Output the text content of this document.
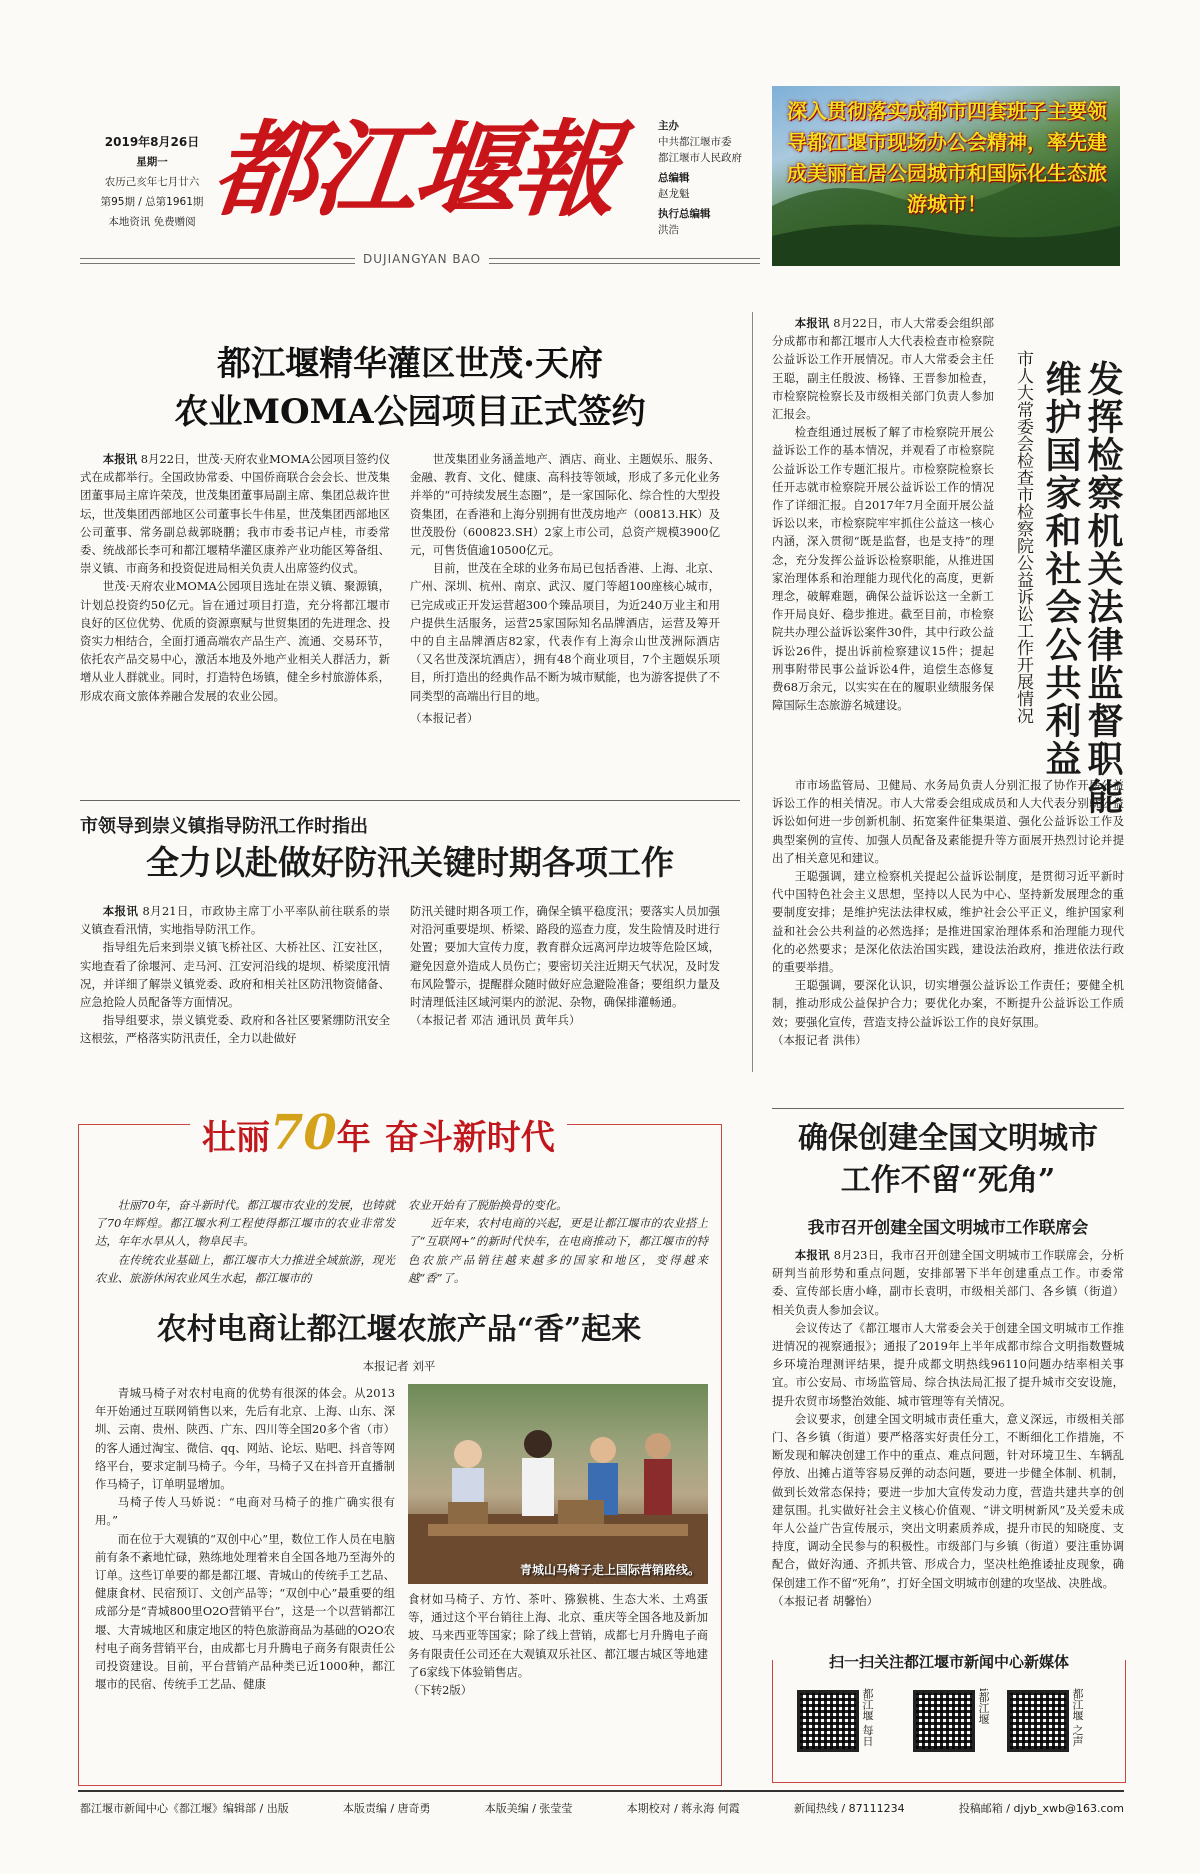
2019年8月26日
星期一
农历己亥年七月廿六
第95期 / 总第1961期
本地资讯 免费赠阅 都江堰報
DUJIANGYAN BAO
主办
中共都江堰市委
都江堰市人民政府
总编辑
赵龙魁
执行总编辑
洪浩
深入贯彻落实成都市四套班子主要领导都江堰市现场办公会精神，率先建成美丽宜居公园城市和国际化生态旅游城市！
都江堰精华灌区世茂·天府
农业MOMA公园项目正式签约

本报讯 8月22日，世茂·天府农业MOMA公园项目签约仪式在成都举行。全国政协常委、中国侨商联合会会长、世茂集团董事局主席许荣茂，世茂集团董事局副主席、集团总裁许世坛，世茂集团西部地区公司董事长牛伟星，世茂集团西部地区公司董事、常务副总裁郭晓鹏；我市市委书记卢桂，市委常委、统战部长李可和都江堰精华灌区康养产业功能区筹备组、崇义镇、市商务和投资促进局相关负责人出席签约仪式。

世茂·天府农业MOMA公园项目选址在崇义镇、聚源镇，计划总投资约50亿元。旨在通过项目打造，充分将都江堰市良好的区位优势、优质的资源禀赋与世贸集团的先进理念、投资实力相结合，全面打通高端农产品生产、流通、交易环节，依托农产品交易中心，激活本地及外地产业相关人群活力，新增从业人群就业。同时，打造特色场镇，健全乡村旅游体系，形成农商文旅体养融合发展的农业公园。

世茂集团业务涵盖地产、酒店、商业、主题娱乐、服务、金融、教育、文化、健康、高科技等领域，形成了多元化业务并举的“可持续发展生态圈”，是一家国际化、综合性的大型投资集团，在香港和上海分别拥有世茂房地产（00813.HK）及世茂股份（600823.SH）2家上市公司，总资产规模3900亿元，可售货值逾10500亿元。

目前，世茂在全球的业务布局已包括香港、上海、北京、广州、深圳、杭州、南京、武汉、厦门等超100座核心城市，已完成或正开发运营超300个臻品项目，为近240万业主和用户提供生活服务，运营25家国际知名品牌酒店，运营及筹开中的自主品牌酒店82家，代表作有上海佘山世茂洲际酒店（又名世茂深坑酒店），拥有48个商业项目，7个主题娱乐项目，所打造出的经典作品不断为城市赋能，也为游客提供了不同类型的高端出行目的地。

（本报记者）

市领导到崇义镇指导防汛工作时指出
全力以赴做好防汛关键时期各项工作

本报讯 8月21日，市政协主席丁小平率队前往联系的崇义镇查看汛情，实地指导防汛工作。

指导组先后来到崇义镇飞桥社区、大桥社区、江安社区，实地查看了徐堰河、走马河、江安河沿线的堤坝、桥梁度汛情况，并详细了解崇义镇党委、政府和相关社区防汛物资储备、应急抢险人员配备等方面情况。

指导组要求，崇义镇党委、政府和各社区要紧绷防汛安全这根弦，严格落实防汛责任，全力以赴做好

防汛关键时期各项工作，确保全镇平稳度汛；要落实人员加强对沿河重要堤坝、桥梁、路段的巡查力度，发生险情及时进行处置；要加大宣传力度，教育群众远离河岸边坡等危险区域，避免因意外造成人员伤亡；要密切关注近期天气状况，及时发布风险警示，提醒群众随时做好应急避险准备；要组织力量及时清理低洼区域河渠内的淤泥、杂物，确保排灌畅通。

（本报记者 邓洁 通讯员 黄年兵）

发挥检察机关法律监督职能 维护国家和社会公共利益
市人大常委会检查市检察院公益诉讼工作开展情况

本报讯 8月22日，市人大常委会组织部分成都市和都江堰市人大代表检查市检察院公益诉讼工作开展情况。市人大常委会主任王聪，副主任殷波、杨锋、王晋参加检查，市检察院检察长及市级相关部门负责人参加汇报会。

检查组通过展板了解了市检察院开展公益诉讼工作的基本情况，并观看了市检察院公益诉讼工作专题汇报片。市检察院检察长任开志就市检察院开展公益诉讼工作的情况作了详细汇报。自2017年7月全面开展公益诉讼以来，市检察院牢牢抓住公益这一核心内涵，深入贯彻“既是监督，也是支持”的理念，充分发挥公益诉讼检察职能，从推进国家治理体系和治理能力现代化的高度，更新理念，破解难题，确保公益诉讼这一全新工作开局良好、稳步推进。截至目前，市检察院共办理公益诉讼案件30件，其中行政公益诉讼26件，提出诉前检察建议15件；提起刑事附带民事公益诉讼4件，追偿生态修复费68万余元，以实实在在的履职业绩服务保障国际生态旅游名城建设。

市市场监管局、卫健局、水务局负责人分别汇报了协作开展公益诉讼工作的相关情况。市人大常委会组成成员和人大代表分别就公益诉讼如何进一步创新机制、拓宽案件征集渠道、强化公益诉讼工作及典型案例的宣传、加强人员配备及素能提升等方面展开热烈讨论并提出了相关意见和建议。

王聪强调，建立检察机关提起公益诉讼制度，是贯彻习近平新时代中国特色社会主义思想，坚持以人民为中心、坚持新发展理念的重要制度安排；是维护宪法法律权威，维护社会公平正义，维护国家利益和社会公共利益的必然选择；是推进国家治理体系和治理能力现代化的必然要求；是深化依法治国实践，建设法治政府，推进依法行政的重要举措。

王聪强调，要深化认识，切实增强公益诉讼工作责任；要健全机制，推动形成公益保护合力；要优化办案，不断提升公益诉讼工作质效；要强化宣传，营造支持公益诉讼工作的良好氛围。

（本报记者 洪伟）

壮丽70年 奋斗新时代

壮丽70年，奋斗新时代。都江堰市农业的发展，也铸就了70年辉煌。都江堰水利工程使得都江堰市的农业非常发达，年年水旱从人，物阜民丰。

在传统农业基础上，都江堰市大力推进全域旅游，现光农业、旅游休闲农业风生水起，都江堰市的

农业开始有了脱胎换骨的变化。

近年来，农村电商的兴起，更是让都江堰市的农业搭上了“互联网+”的新时代快车，在电商推动下，都江堰市的特色农旅产品销往越来越多的国家和地区，变得越来越“香”了。

农村电商让都江堰农旅产品“香”起来
本报记者 刘平

青城马椅子对农村电商的优势有很深的体会。从2013年开始通过互联网销售以来，先后有北京、上海、山东、深圳、云南、贵州、陕西、广东、四川等全国20多个省（市）的客人通过淘宝、微信、qq、网站、论坛、贴吧、抖音等网络平台，要求定制马椅子。今年，马椅子又在抖音开直播制作马椅子，订单明显增加。

马椅子传人马娇说：“电商对马椅子的推广确实很有用。”

而在位于大观镇的“双创中心”里，数位工作人员在电脑前有条不紊地忙碌，熟练地处理着来自全国各地乃至海外的订单。这些订单要的都是都江堰、青城山的传统手工艺品、健康食材、民宿预订、文创产品等；“双创中心”最重要的组成部分是“青城800里O2O营销平台”，这是一个以营销都江堰、大青城地区和康定地区的特色旅游商品为基础的O2O农村电子商务营销平台，由成都七月升腾电子商务有限责任公司投资建设。目前，平台营销产品种类已近1000种，都江堰市的民宿、传统手工艺品、健康

青城山马椅子走上国际营销路线。

食材如马椅子、方竹、茶叶、猕猴桃、生态大米、土鸡蛋等，通过这个平台销往上海、北京、重庆等全国各地及新加坡、马来西亚等国家；除了线上营销，成都七月升腾电子商务有限责任公司还在大观镇双乐社区、都江堰古城区等地建了6家线下体验销售店。

（下转2版）

确保创建全国文明城市
工作不留“死角”
我市召开创建全国文明城市工作联席会

本报讯 8月23日，我市召开创建全国文明城市工作联席会，分析研判当前形势和重点问题，安排部署下半年创建重点工作。市委常委、宣传部长唐小峰，副市长袁明，市级相关部门、各乡镇（街道）相关负责人参加会议。

会议传达了《都江堰市人大常委会关于创建全国文明城市工作推进情况的视察通报》；通报了2019年上半年成都市综合文明指数暨城乡环境治理测评结果，提升成都文明热线96110问题办结率相关事宜。市公安局、市场监管局、综合执法局汇报了提升城市交安设施，提升农贸市场整治效能、城市管理等有关情况。

会议要求，创建全国文明城市责任重大，意义深远，市级相关部门、各乡镇（街道）要严格落实好责任分工，不断细化工作措施，不断发现和解决创建工作中的重点、难点问题，针对环境卫生、车辆乱停放、出摊占道等容易反弹的动态问题，要进一步健全体制、机制，做到长效常态保持；要进一步加大宣传发动力度，营造共建共享的创建氛围。扎实做好社会主义核心价值观、“讲文明树新风”及关爱未成年人公益广告宣传展示，突出文明素质养成，提升市民的知晓度、支持度，调动全民参与的积极性。市级部门与乡镇（街道）要注重协调配合，做好沟通、齐抓共管、形成合力，坚决杜绝推诿扯皮现象，确保创建工作不留“死角”，打好全国文明城市创建的攻坚战、决胜战。

（本报记者 胡馨怡）

扫一扫关注都江堰市新闻中心新媒体
都江堰 每日
i都江堰	都江堰 之声
都江堰市新闻中心《都江堰》编辑部 / 出版	本版责编 / 唐奇勇	本版美编 / 张莹莹	本期校对 / 蒋永海 何霞	新闻热线 / 87111234	投稿邮箱 / djyb_xwb@163.com
